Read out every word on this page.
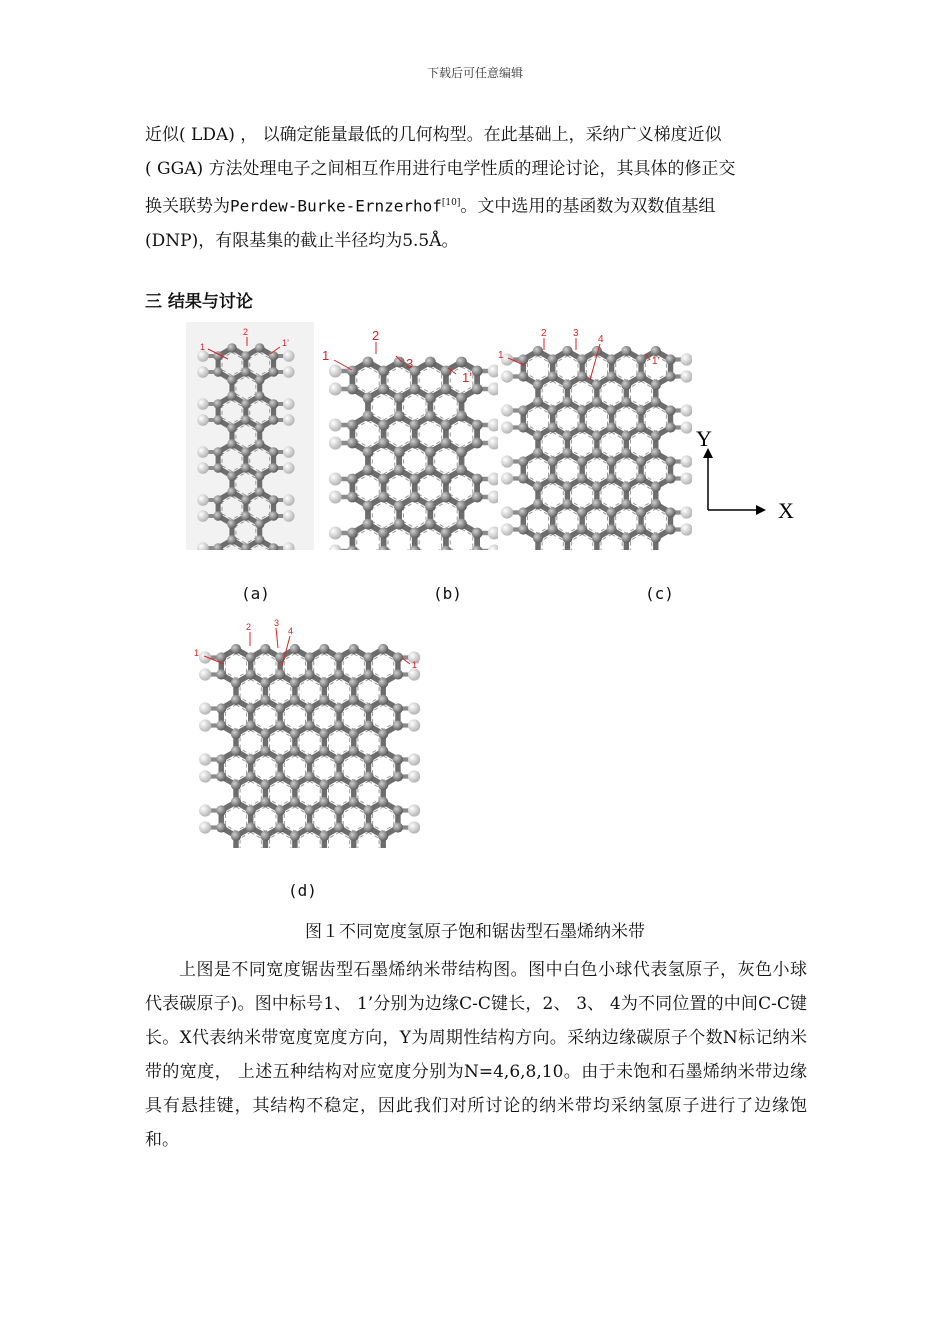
下载后可任意编辑
近似( LDA) ， 以确定能量最低的几何构型。在此基础上，采纳广义梯度近似
( GGA) 方法处理电子之间相互作用进行电学性质的理论讨论，其具体的修正交
换关联势为Perdew-Burke-Ernzerhof[10]。文中选用的基函数为双数值基组
(DNP)，有限基集的截止半径均为5.5Å。
三 结果与讨论
1
2
1’
1
2
3
1’
1
2	3
4
1’
Y
X
1
2	3
4
1’
(a)	(b)	(c)
(d)
图１不同宽度氢原子饱和锯齿型石墨烯纳米带
上图是不同宽度锯齿型石墨烯纳米带结构图。图中白色小球代表氢原子，灰色小球代表碳原子)。图中标号1、 1’分别为边缘C-C键长，2、 3、 4为不同位置的中间C-C键长。X代表纳米带宽度宽度方向，Y为周期性结构方向。采纳边缘碳原子个数N标记纳米带的宽度， 上述五种结构对应宽度分别为N=4,6,8,10。由于未饱和石墨烯纳米带边缘具有悬挂键，其结构不稳定，因此我们对所讨论的纳米带均采纳氢原子进行了边缘饱和。
